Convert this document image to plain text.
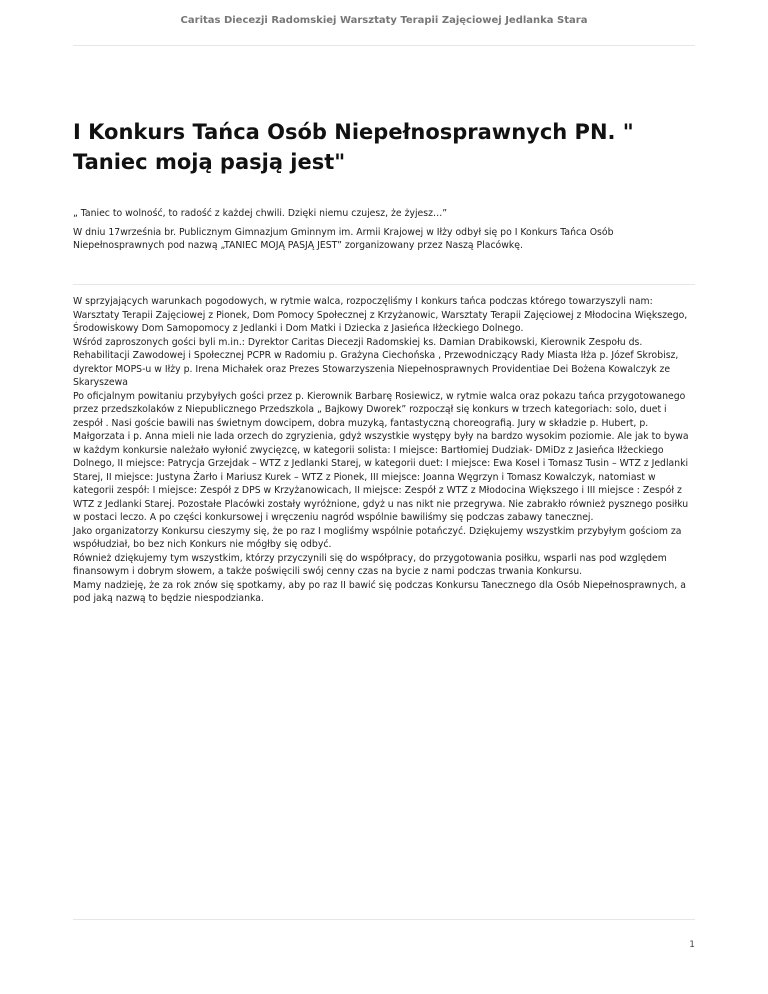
Caritas Diecezji Radomskiej Warsztaty Terapii Zajęciowej Jedlanka Stara
I Konkurs Tańca Osób Niepełnosprawnych PN. " Taniec moją pasją jest"

„ Taniec to wolność, to radość z każdej chwili. Dzięki niemu czujesz, że żyjesz…”

W dniu 17września br. Publicznym Gimnazjum Gminnym im. Armii Krajowej w Iłży odbył się po I Konkurs Tańca Osób Niepełnosprawnych pod nazwą „TANIEC MOJĄ PASJĄ JEST” zorganizowany przez Naszą Placówkę.

W sprzyjających warunkach pogodowych, w rytmie walca, rozpoczęliśmy I konkurs tańca podczas którego towarzyszyli nam:

Warsztaty Terapii Zajęciowej z Pionek, Dom Pomocy Społecznej z Krzyżanowic, Warsztaty Terapii Zajęciowej z Młodocina Większego, Środowiskowy Dom Samopomocy z Jedlanki i Dom Matki i Dziecka z Jasieńca Iłżeckiego Dolnego.

Wśród zaproszonych gości byli m.in.: Dyrektor Caritas Diecezji Radomskiej ks. Damian Drabikowski, Kierownik Zespołu ds. Rehabilitacji Zawodowej i Społecznej PCPR w Radomiu p. Grażyna Ciechońska , Przewodniczący Rady Miasta Iłża p. Józef Skrobisz, dyrektor MOPS-u w Iłży p. Irena Michałek oraz Prezes Stowarzyszenia Niepełnosprawnych Providentiae Dei Bożena Kowalczyk ze Skaryszewa

Po oficjalnym powitaniu przybyłych gości przez p. Kierownik Barbarę Rosiewicz, w rytmie walca oraz pokazu tańca przygotowanego przez przedszkolaków z Niepublicznego Przedszkola „ Bajkowy Dworek” rozpoczął się konkurs w trzech kategoriach: solo, duet i zespół . Nasi goście bawili nas świetnym dowcipem, dobra muzyką, fantastyczną choreografią. Jury w składzie p. Hubert, p. Małgorzata i p. Anna mieli nie lada orzech do zgryzienia, gdyż wszystkie występy były na bardzo wysokim poziomie. Ale jak to bywa w każdym konkursie należało wyłonić zwycięzcę, w kategorii solista: I miejsce: Bartłomiej Dudziak- DMiDz z Jasieńca Iłżeckiego Dolnego, II miejsce: Patrycja Grzejdak – WTZ z Jedlanki Starej, w kategorii duet: I miejsce: Ewa Kosel i Tomasz Tusin – WTZ z Jedlanki Starej, II miejsce: Justyna Żarło i Mariusz Kurek – WTZ z Pionek, III miejsce: Joanna Węgrzyn i Tomasz Kowalczyk, natomiast w kategorii zespół: I miejsce: Zespół z DPS w Krzyżanowicach, II miejsce: Zespół z WTZ z Młodocina Większego i III miejsce : Zespół z WTZ z Jedlanki Starej. Pozostałe Placówki zostały wyróżnione, gdyż u nas nikt nie przegrywa. Nie zabrakło również pysznego posiłku w postaci leczo. A po części konkursowej i wręczeniu nagród wspólnie bawiliśmy się podczas zabawy tanecznej.

Jako organizatorzy Konkursu cieszymy się, że po raz I mogliśmy wspólnie potańczyć. Dziękujemy wszystkim przybyłym gościom za współudział, bo bez nich Konkurs nie mógłby się odbyć.

Również dziękujemy tym wszystkim, którzy przyczynili się do współpracy, do przygotowania posiłku, wsparli nas pod względem finansowym i dobrym słowem, a także poświęcili swój cenny czas na bycie z nami podczas trwania Konkursu.

Mamy nadzieję, że za rok znów się spotkamy, aby po raz II bawić się podczas Konkursu Tanecznego dla Osób Niepełnosprawnych, a pod jaką nazwą to będzie niespodzianka.

1
